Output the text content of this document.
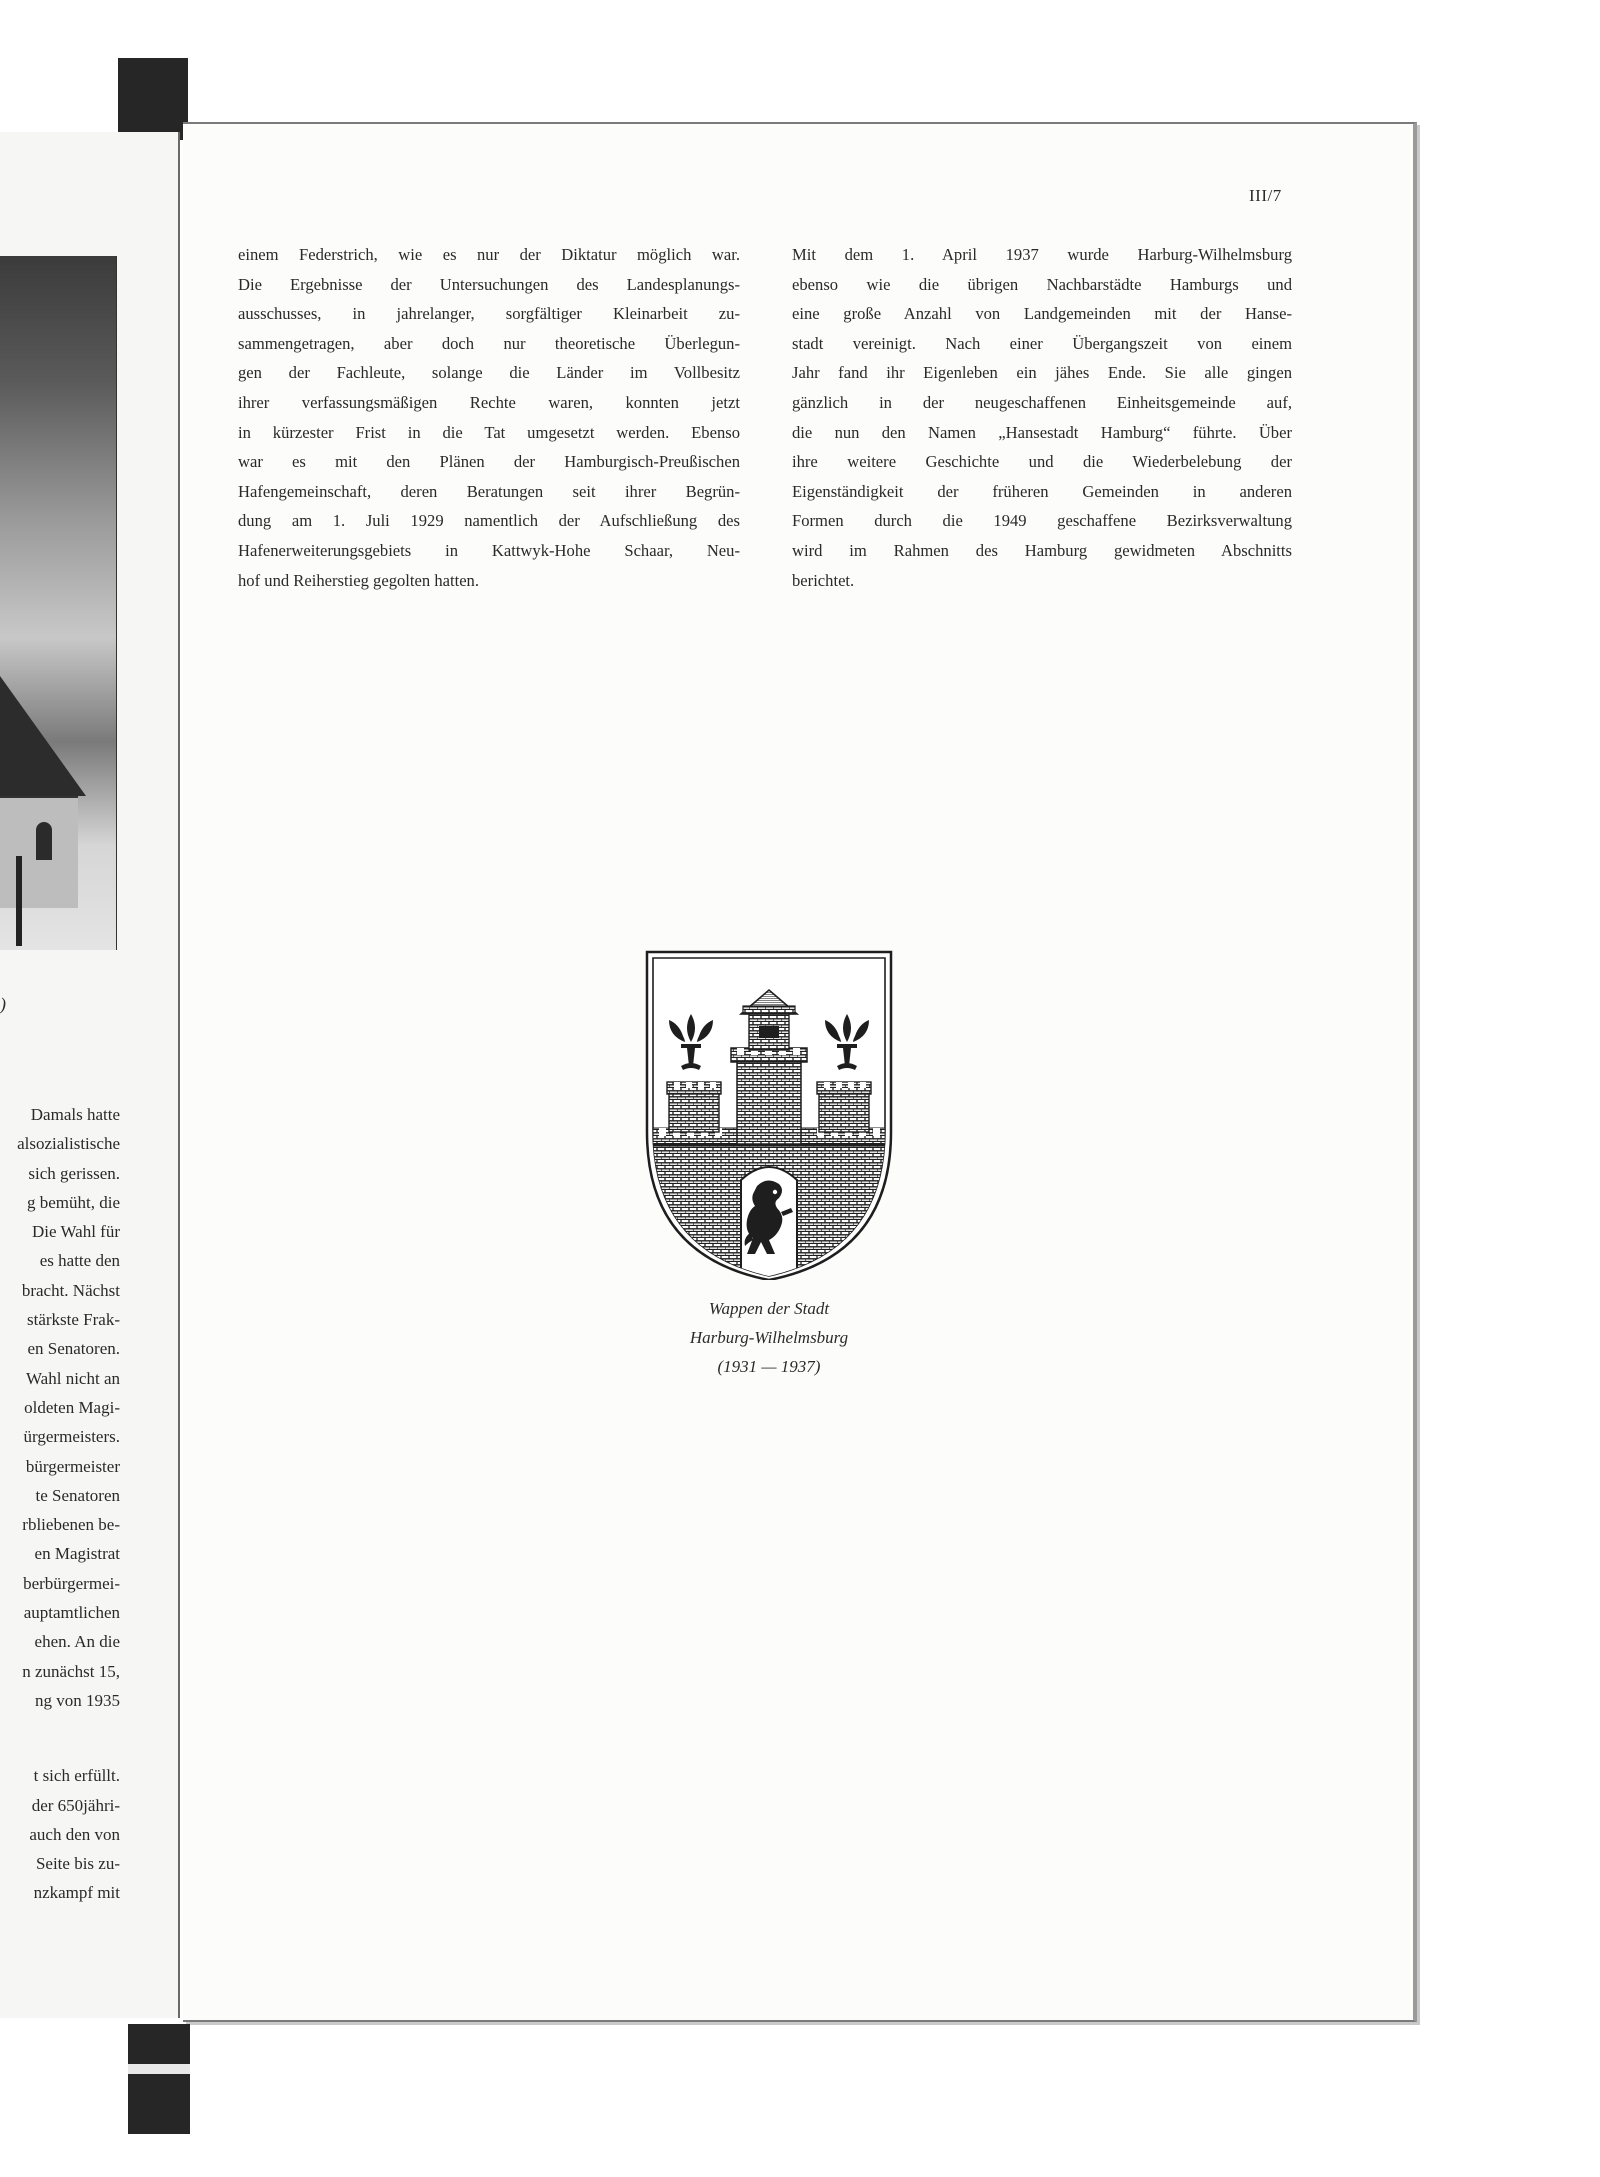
)
Damals hatte
alsozialistische
sich gerissen.
g bemüht, die
Die Wahl für
es hatte den
bracht. Nächst
stärkste Frak-
en Senatoren.
Wahl nicht an
oldeten Magi-
ürgermeisters.
bürgermeister
te Senatoren
rbliebenen be-
en Magistrat
berbürgermei-
auptamtlichen
ehen. An die
n zunächst 15,
ng von 1935
t sich erfüllt.
der 650jähri-
auch den von
Seite bis zu-
nzkampf mit
III/7
einem Federstrich, wie es nur der Diktatur möglich war.
Die Ergebnisse der Untersuchungen des Landesplanungs-
ausschusses, in jahrelanger, sorgfältiger Kleinarbeit zu-
sammengetragen, aber doch nur theoretische Überlegun-
gen der Fachleute, solange die Länder im Vollbesitz
ihrer verfassungsmäßigen Rechte waren, konnten jetzt
in kürzester Frist in die Tat umgesetzt werden. Ebenso
war es mit den Plänen der Hamburgisch-Preußischen
Hafengemeinschaft, deren Beratungen seit ihrer Begrün-
dung am 1. Juli 1929 namentlich der Aufschließung des
Hafenerweiterungsgebiets in Kattwyk-Hohe Schaar, Neu-
hof und Reiherstieg gegolten hatten.
Mit dem 1. April 1937 wurde Harburg-Wilhelmsburg
ebenso wie die übrigen Nachbarstädte Hamburgs und
eine große Anzahl von Landgemeinden mit der Hanse-
stadt vereinigt. Nach einer Übergangszeit von einem
Jahr fand ihr Eigenleben ein jähes Ende. Sie alle gingen
gänzlich in der neugeschaffenen Einheitsgemeinde auf,
die nun den Namen „Hansestadt Hamburg“ führte. Über
ihre weitere Geschichte und die Wiederbelebung der
Eigenständigkeit der früheren Gemeinden in anderen
Formen durch die 1949 geschaffene Bezirksverwaltung
wird im Rahmen des Hamburg gewidmeten Abschnitts
berichtet.
Wappen der Stadt
Harburg-Wilhelmsburg
(1931 — 1937)
